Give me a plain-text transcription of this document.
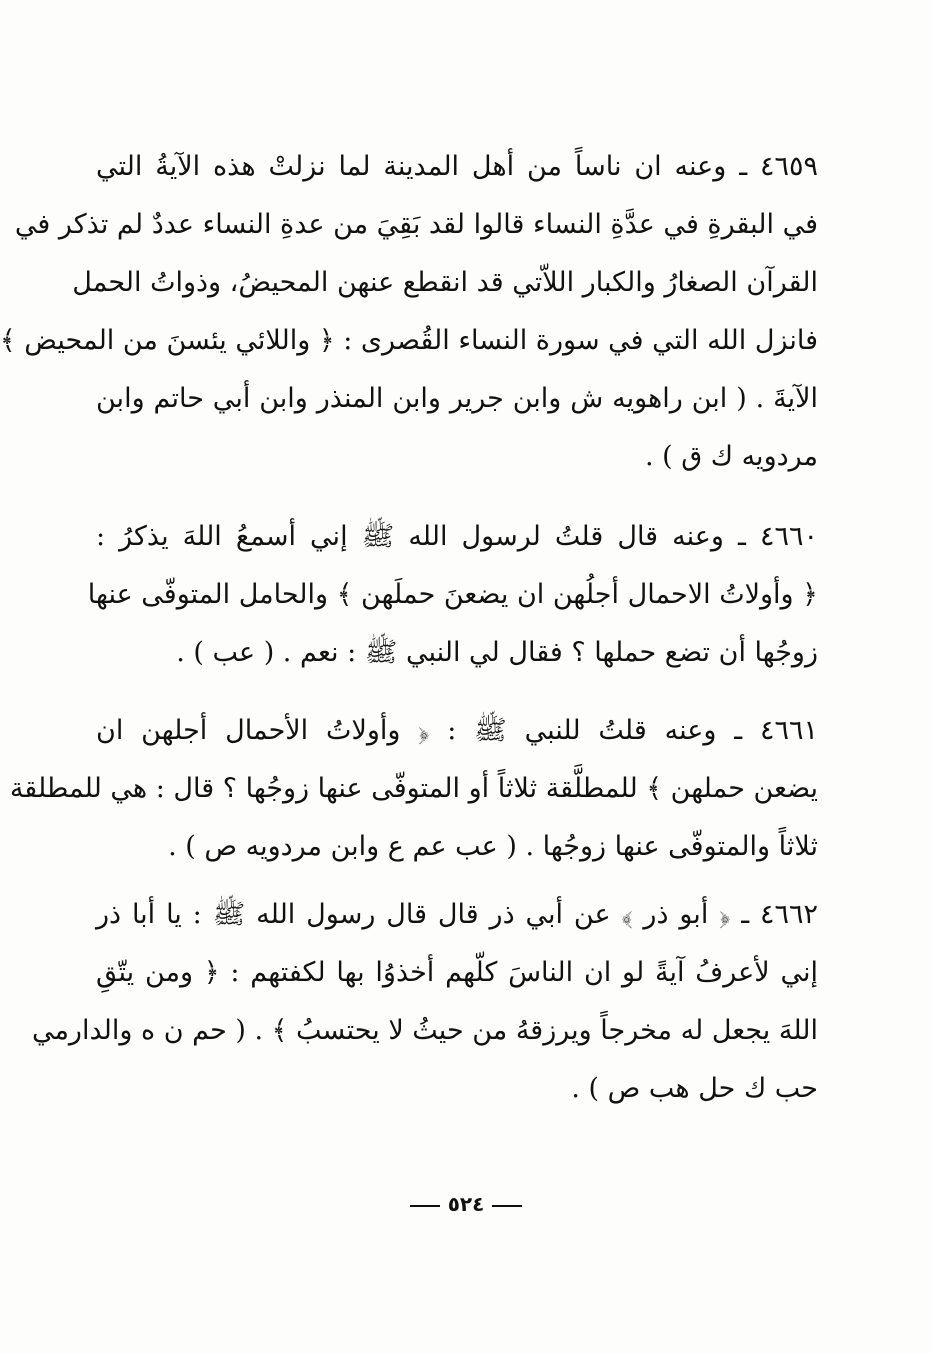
٤٦٥٩ ـ وعنه ان ناساً من أهل المدينة لما نزلتْ هذه الآيةُ التي
في البقرةِ في عدَّةِ النساء قالوا لقد بَقِيَ من عدةِ النساء عددٌ لم تذكر في
القرآن الصغارُ والكبار اللاّتي قد انقطع عنهن المحيضُ، وذواتُ الحمل
فانزل الله التي في سورة النساء القُصرى : ﴿ واللائي يئسنَ من المحيض ﴾
الآيةَ . ( ابن راهويه ش وابن جرير وابن المنذر وابن أبي حاتم وابن
مردويه ك ق ) .
٤٦٦٠ ـ وعنه قال قلتُ لرسول الله ﷺ إني أسمعُ اللهَ يذكرُ :
﴿ وأولاتُ الاحمال أجلُهن ان يضعنَ حملَهن ﴾ والحامل المتوفّى عنها
زوجُها أن تضع حملها ؟ فقال لي النبي ﷺ : نعم . ( عب ) .
٤٦٦١ ـ وعنه قلتُ للنبي ﷺ : ﴿ وأولاتُ الأحمال أجلهن ان
يضعن حملهن ﴾ للمطلَّقة ثلاثاً أو المتوفّى عنها زوجُها ؟ قال : هي للمطلقة
ثلاثاً والمتوفّى عنها زوجُها . ( عب عم ع وابن مردويه ص ) .
٤٦٦٢ ـ ﴿ أبو ذر ﴾ عن أبي ذر قال قال رسول الله ﷺ : يا أبا ذر
إني لأعرفُ آيةً لو ان الناسَ كلّهم أخذوُا بها لكفتهم : ﴿ ومن يتّقِ
اللهَ يجعل له مخرجاً ويرزقهُ من حيثُ لا يحتسبُ ﴾ . ( حم ن ه والدارمي
حب ك حل هب ص ) .
٥٢٤
